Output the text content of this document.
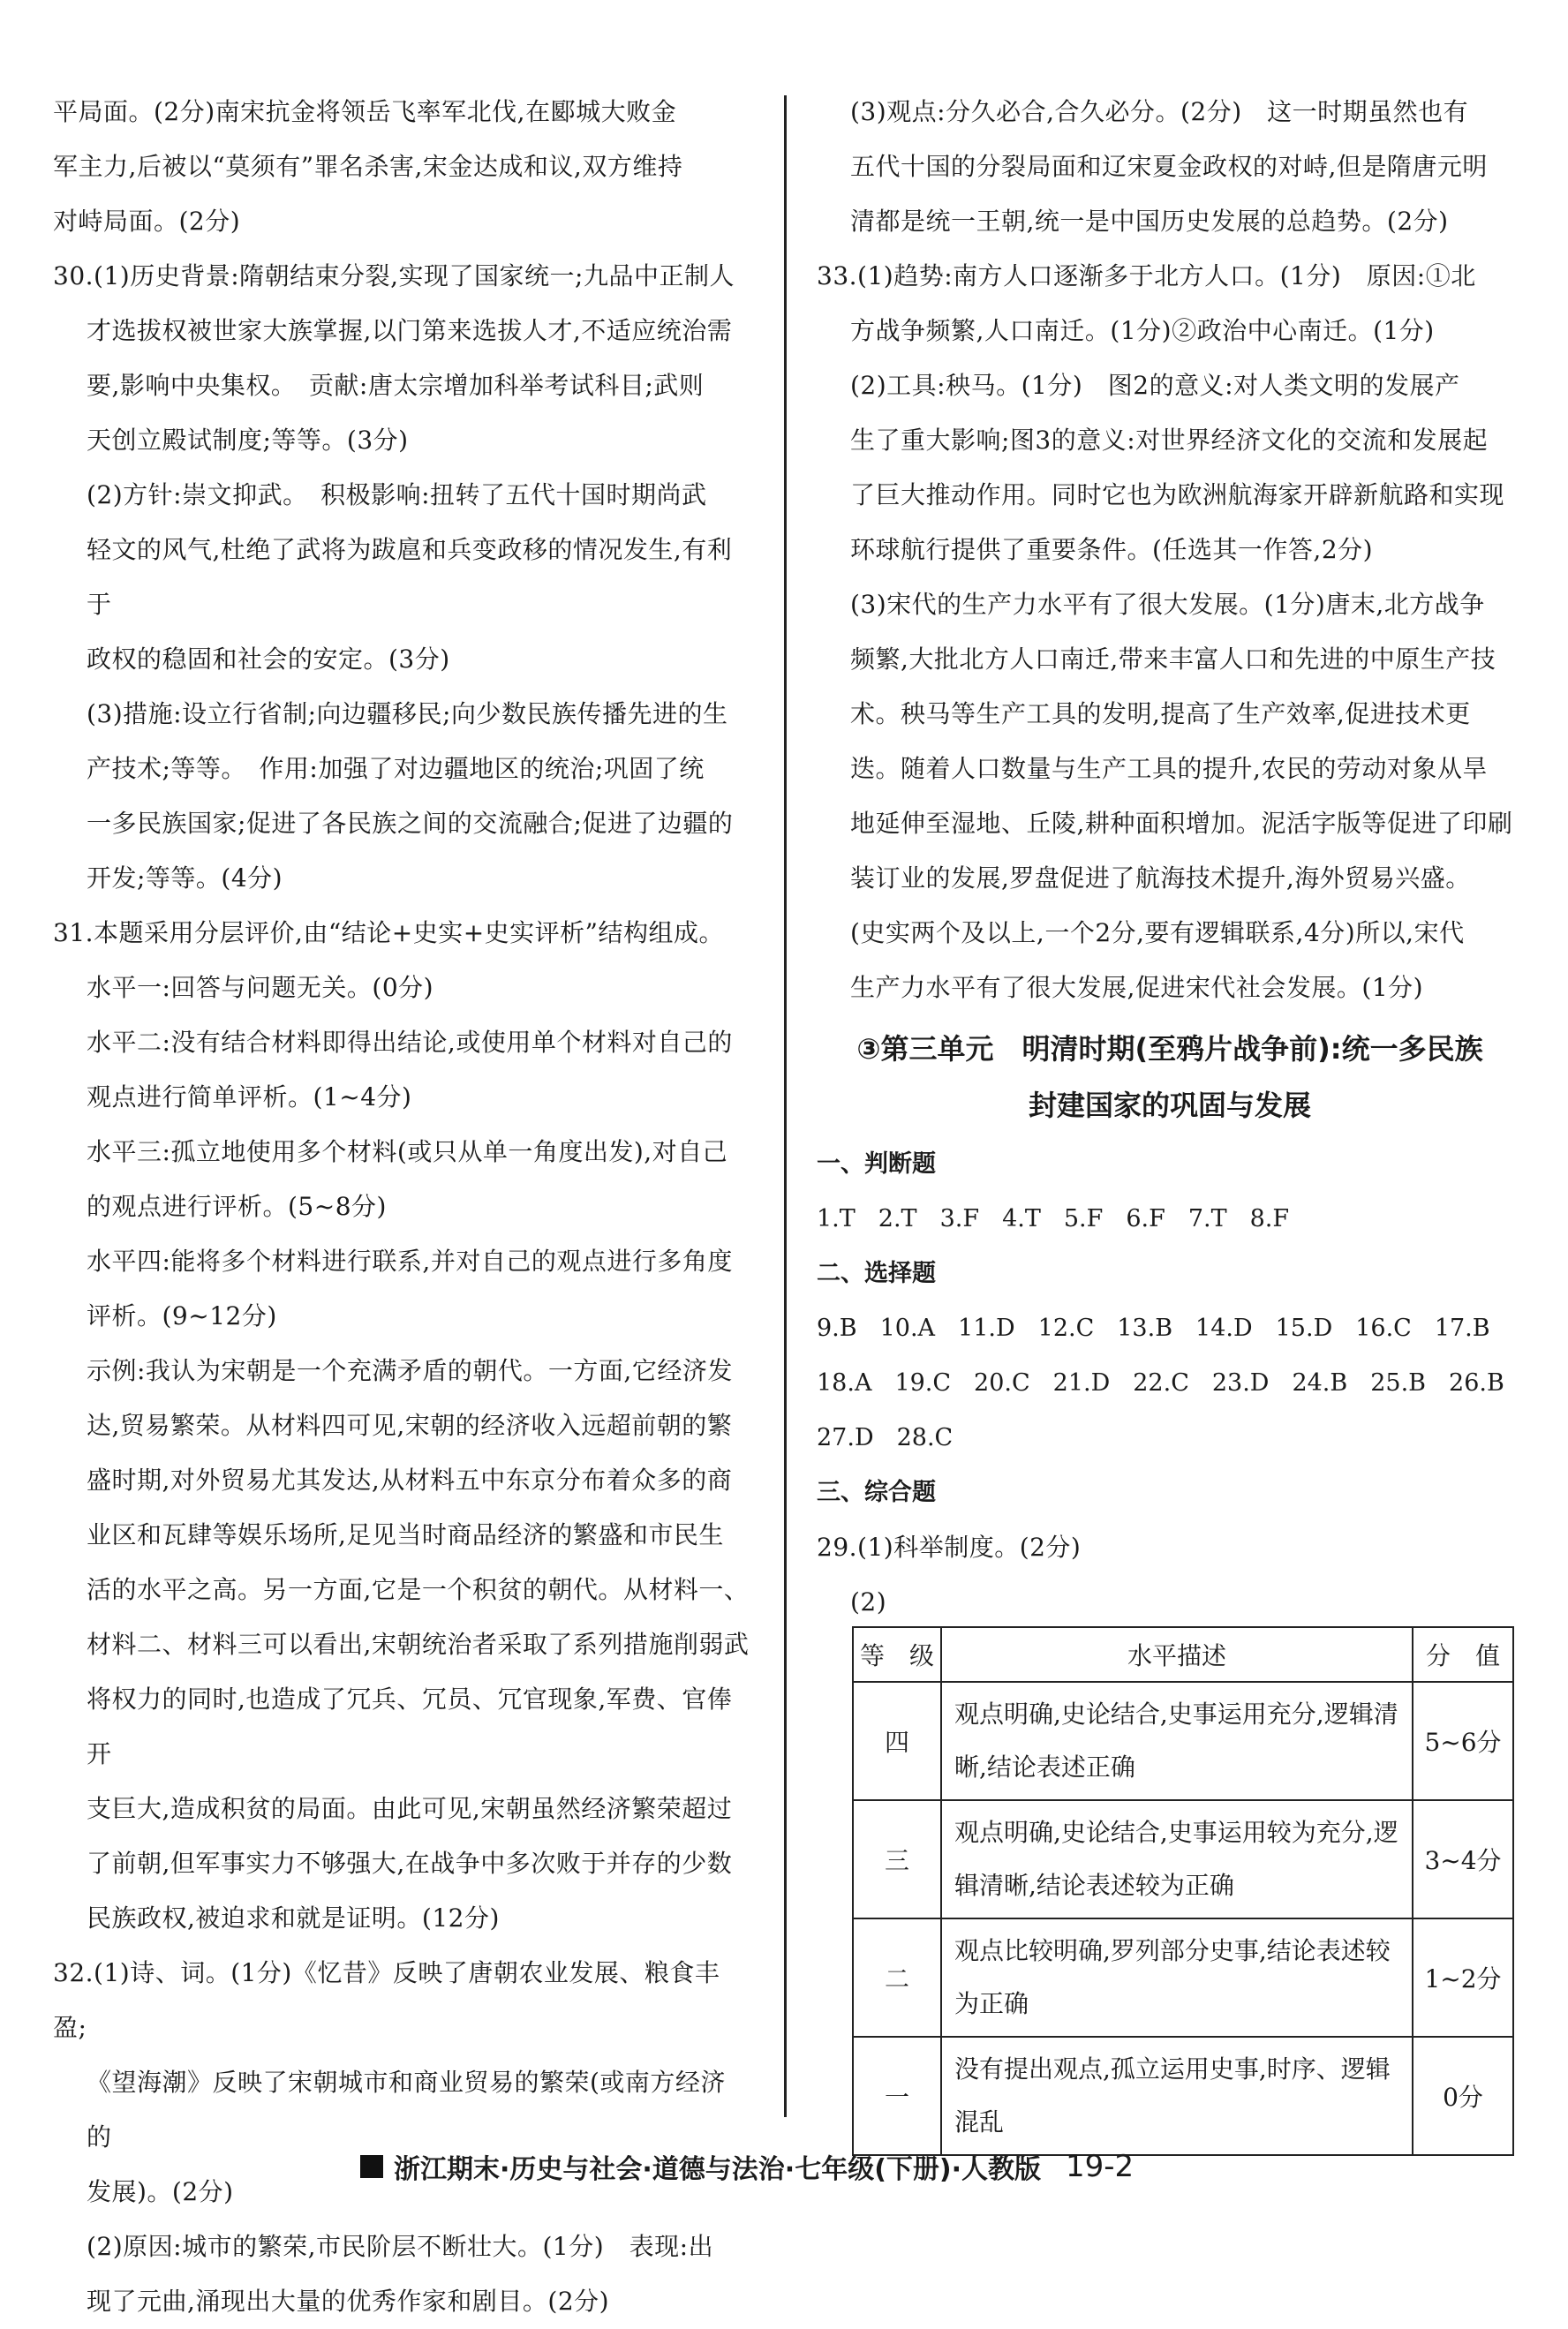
平局面。(2分)南宋抗金将领岳飞率军北伐,在郾城大败金

军主力,后被以“莫须有”罪名杀害,宋金达成和议,双方维持

对峙局面。(2分)

30.(1)历史背景:隋朝结束分裂,实现了国家统一;九品中正制人

才选拔权被世家大族掌握,以门第来选拔人才,不适应统治需

要,影响中央集权。　贡献:唐太宗增加科举考试科目;武则

天创立殿试制度;等等。(3分)

(2)方针:崇文抑武。　积极影响:扭转了五代十国时期尚武

轻文的风气,杜绝了武将为跋扈和兵变政移的情况发生,有利于

政权的稳固和社会的安定。(3分)

(3)措施:设立行省制;向边疆移民;向少数民族传播先进的生

产技术;等等。　作用:加强了对边疆地区的统治;巩固了统

一多民族国家;促进了各民族之间的交流融合;促进了边疆的

开发;等等。(4分)

31.本题采用分层评价,由“结论+史实+史实评析”结构组成。

水平一:回答与问题无关。(0分)

水平二:没有结合材料即得出结论,或使用单个材料对自己的

观点进行简单评析。(1~4分)

水平三:孤立地使用多个材料(或只从单一角度出发),对自己

的观点进行评析。(5~8分)

水平四:能将多个材料进行联系,并对自己的观点进行多角度

评析。(9~12分)

示例:我认为宋朝是一个充满矛盾的朝代。一方面,它经济发

达,贸易繁荣。从材料四可见,宋朝的经济收入远超前朝的繁

盛时期,对外贸易尤其发达,从材料五中东京分布着众多的商

业区和瓦肆等娱乐场所,足见当时商品经济的繁盛和市民生

活的水平之高。另一方面,它是一个积贫的朝代。从材料一、

材料二、材料三可以看出,宋朝统治者采取了系列措施削弱武

将权力的同时,也造成了冗兵、冗员、冗官现象,军费、官俸开

支巨大,造成积贫的局面。由此可见,宋朝虽然经济繁荣超过

了前朝,但军事实力不够强大,在战争中多次败于并存的少数

民族政权,被迫求和就是证明。(12分)

32.(1)诗、词。(1分)《忆昔》反映了唐朝农业发展、粮食丰盈;

《望海潮》反映了宋朝城市和商业贸易的繁荣(或南方经济的

发展)。(2分)

(2)原因:城市的繁荣,市民阶层不断壮大。(1分)　表现:出

现了元曲,涌现出大量的优秀作家和剧目。(2分)

(3)观点:分久必合,合久必分。(2分)　这一时期虽然也有

五代十国的分裂局面和辽宋夏金政权的对峙,但是隋唐元明

清都是统一王朝,统一是中国历史发展的总趋势。(2分)

33.(1)趋势:南方人口逐渐多于北方人口。(1分)　原因:①北

方战争频繁,人口南迁。(1分)②政治中心南迁。(1分)

(2)工具:秧马。(1分)　图2的意义:对人类文明的发展产

生了重大影响;图3的意义:对世界经济文化的交流和发展起

了巨大推动作用。同时它也为欧洲航海家开辟新航路和实现

环球航行提供了重要条件。(任选其一作答,2分)

(3)宋代的生产力水平有了很大发展。(1分)唐末,北方战争

频繁,大批北方人口南迁,带来丰富人口和先进的中原生产技

术。秧马等生产工具的发明,提高了生产效率,促进技术更

迭。随着人口数量与生产工具的提升,农民的劳动对象从旱

地延伸至湿地、丘陵,耕种面积增加。泥活字版等促进了印刷

装订业的发展,罗盘促进了航海技术提升,海外贸易兴盛。

(史实两个及以上,一个2分,要有逻辑联系,4分)所以,宋代

生产力水平有了很大发展,促进宋代社会发展。(1分)

③第三单元　明清时期(至鸦片战争前):统一多民族
封建国家的巩固与发展
一、判断题
1.T 2.T 3.F 4.T 5.F 6.F 7.T 8.F
二、选择题
9.B 10.A 11.D 12.C 13.B 14.D 15.D 16.C 17.B
18.A 19.C 20.C 21.D 22.C 23.D 24.B 25.B 26.B
27.D 28.C
三、综合题

29.(1)科举制度。(2分)

(2)

等　级	水平描述	分　值
四	观点明确,史论结合,史事运用充分,逻辑清晰,结论表述正确	5~6分
三	观点明确,史论结合,史事运用较为充分,逻辑清晰,结论表述较为正确	3~4分
二	观点比较明确,罗列部分史事,结论表述较为正确	1~2分
一	没有提出观点,孤立运用史事,时序、逻辑混乱	0分
浙江期末·历史与社会·道德与法治·七年级(下册)·人教版 19-2
